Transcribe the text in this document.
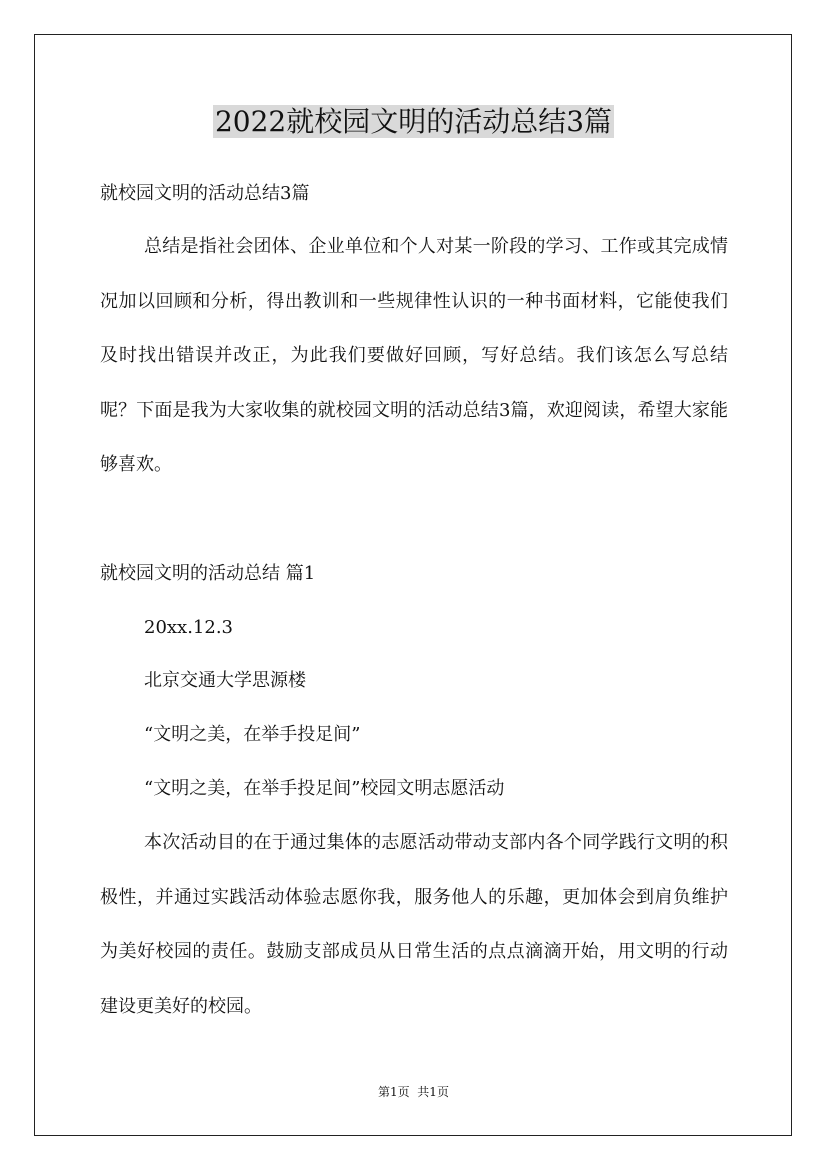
2022就校园文明的活动总结3篇
就校园文明的活动总结3篇
总结是指社会团体、企业单位和个人对某一阶段的学习、工作或其完成情况加以回顾和分析，得出教训和一些规律性认识的一种书面材料，它能使我们及时找出错误并改正，为此我们要做好回顾，写好总结。我们该怎么写总结呢？下面是我为大家收集的就校园文明的活动总结3篇，欢迎阅读，希望大家能够喜欢。
就校园文明的活动总结 篇1
20xx.12.3
北京交通大学思源楼
“文明之美，在举手投足间”
“文明之美，在举手投足间”校园文明志愿活动
本次活动目的在于通过集体的志愿活动带动支部内各个同学践行文明的积极性，并通过实践活动体验志愿你我，服务他人的乐趣，更加体会到肩负维护为美好校园的责任。鼓励支部成员从日常生活的点点滴滴开始，用文明的行动建设更美好的校园。
第1页  共1页
